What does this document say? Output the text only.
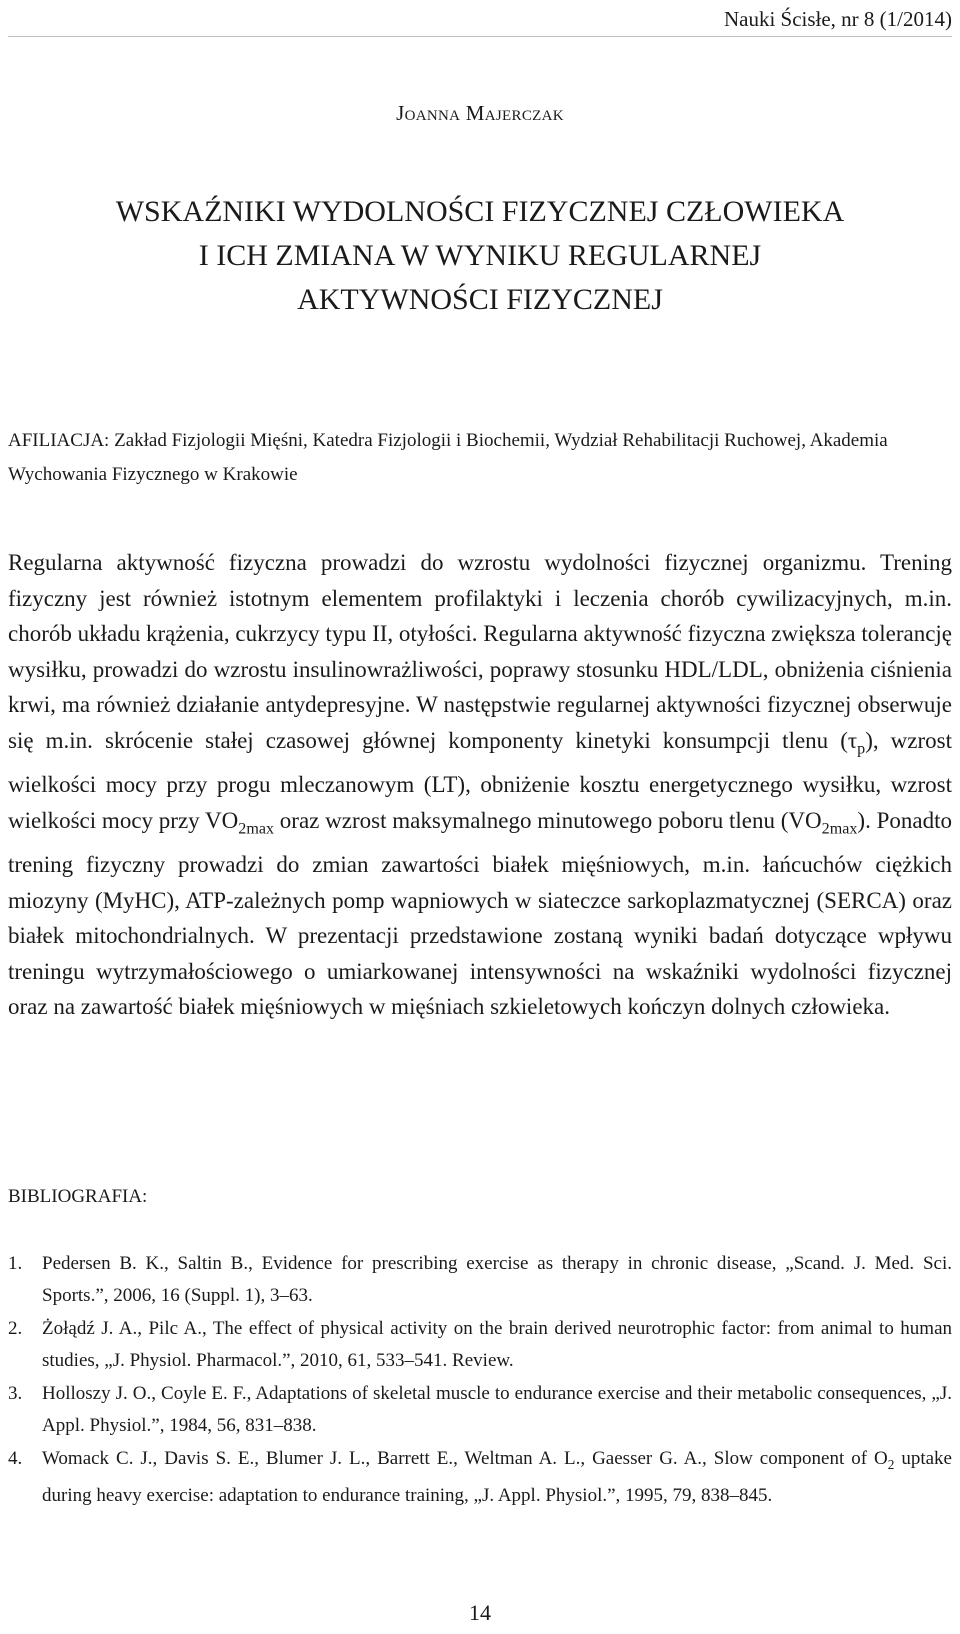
Nauki Ścisłe, nr 8 (1/2014)
Joanna Majerczak
WSKAŹNIKI WYDOLNOŚCI FIZYCZNEJ CZŁOWIEKA
I ICH ZMIANA W WYNIKU REGULARNEJ
AKTYWNOŚCI FIZYCZNEJ
AFILIACJA: Zakład Fizjologii Mięśni, Katedra Fizjologii i Biochemii, Wydział Rehabilitacji Ruchowej, Akademia Wychowania Fizycznego w Krakowie

Regularna aktywność fizyczna prowadzi do wzrostu wydolności fizycznej organizmu. Trening fizyczny jest również istotnym elementem profilaktyki i leczenia chorób cywilizacyjnych, m.in. chorób układu krążenia, cukrzycy typu II, otyłości. Regularna aktywność fizyczna zwiększa tolerancję wysiłku, prowadzi do wzrostu insulinowrażliwości, poprawy stosunku HDL/LDL, obniżenia ciśnienia krwi, ma również działanie antydepresyjne. W następstwie regularnej aktywności fizycznej obserwuje się m.in. skrócenie stałej czasowej głównej komponenty kinetyki konsumpcji tlenu $(\tau_p)$, wzrost wielkości mocy przy progu mleczanowym (LT), obniżenie kosztu energetycznego wysiłku, wzrost wielkości mocy przy $VO_{2max}$ oraz wzrost maksymalnego minutowego poboru tlenu $(VO_{2max})$. Ponadto trening fizyczny prowadzi do zmian zawartości białek mięśniowych, m.in. łańcuchów ciężkich miozyny (MyHC), ATP-zależnych pomp wapniowych w siateczce sarkoplazmatycznej (SERCA) oraz białek mitochondrialnych. W prezentacji przedstawione zostaną wyniki badań dotyczące wpływu treningu wytrzymałościowego o umiarkowanej intensywności na wskaźniki wydolności fizycznej oraz na zawartość białek mięśniowych w mięśniach szkieletowych kończyn dolnych człowieka.

BIBLIOGRAFIA:
1. Pedersen B. K., Saltin B., Evidence for prescribing exercise as therapy in chronic disease, „Scand. J. Med. Sci. Sports.”, 2006, 16 (Suppl. 1), 3–63.
2. Żołądź J. A., Pilc A., The effect of physical activity on the brain derived neurotrophic factor: from animal to human studies, „J. Physiol. Pharmacol.”, 2010, 61, 533–541. Review.
3. Holloszy J. O., Coyle E. F., Adaptations of skeletal muscle to endurance exercise and their metabolic consequences, „J. Appl. Physiol.”, 1984, 56, 831–838.
4. Womack C. J., Davis S. E., Blumer J. L., Barrett E., Weltman A. L., Gaesser G. A., Slow component of $O_2$ uptake during heavy exercise: adaptation to endurance training, „J. Appl. Physiol.”, 1995, 79, 838–845.
14
